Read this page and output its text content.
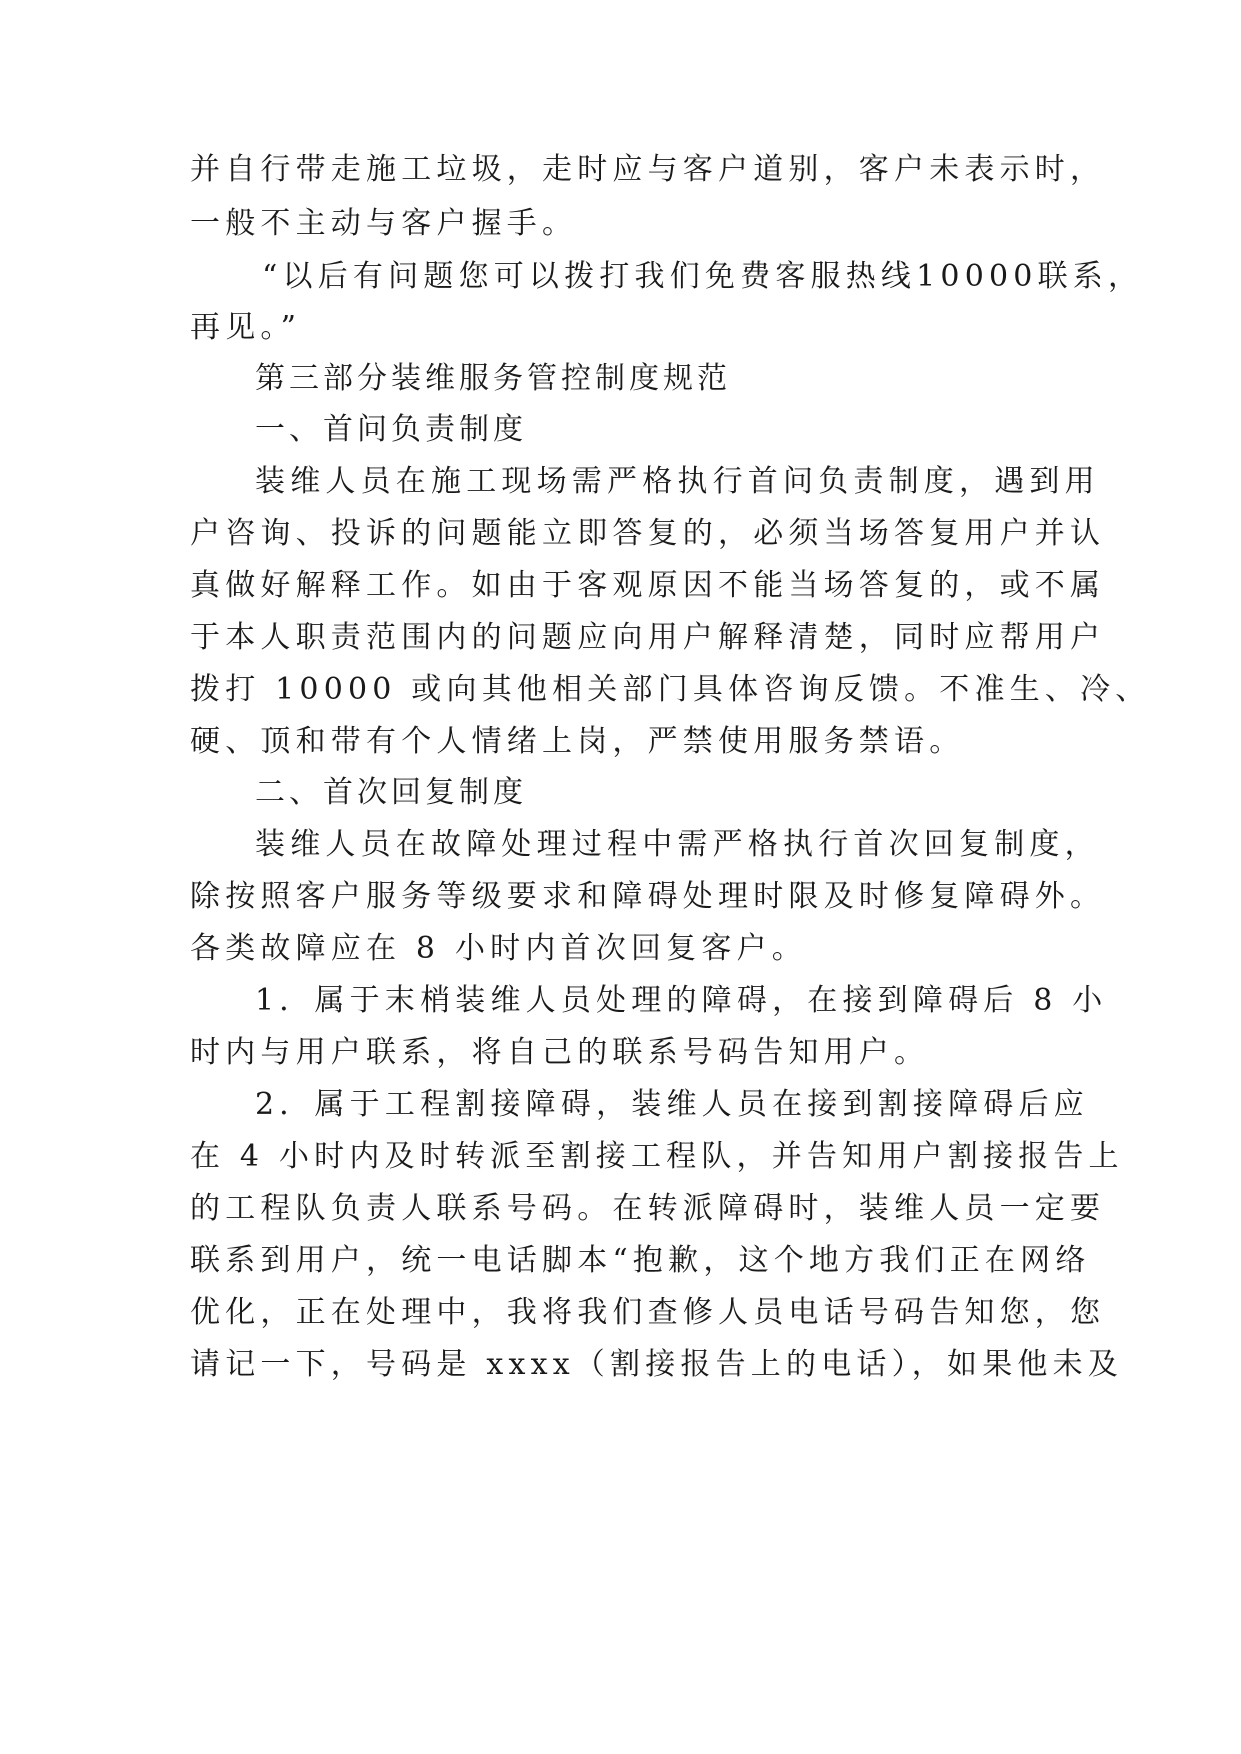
并自行带走施工垃圾，走时应与客户道别，客户未表示时，
一般不主动与客户握手。
“以后有问题您可以拨打我们免费客服热线10000联系，
再见。”
第三部分装维服务管控制度规范
一、首问负责制度
装维人员在施工现场需严格执行首问负责制度，遇到用
户咨询、投诉的问题能立即答复的，必须当场答复用户并认
真做好解释工作。如由于客观原因不能当场答复的，或不属
于本人职责范围内的问题应向用户解释清楚，同时应帮用户
拨打 10000 或向其他相关部门具体咨询反馈。不准生、冷、
硬、顶和带有个人情绪上岗，严禁使用服务禁语。
二、首次回复制度
装维人员在故障处理过程中需严格执行首次回复制度，
除按照客户服务等级要求和障碍处理时限及时修复障碍外。
各类故障应在 8 小时内首次回复客户。
1．属于末梢装维人员处理的障碍，在接到障碍后 8 小
时内与用户联系，将自己的联系号码告知用户。
2．属于工程割接障碍，装维人员在接到割接障碍后应
在 4 小时内及时转派至割接工程队，并告知用户割接报告上
的工程队负责人联系号码。在转派障碍时，装维人员一定要
联系到用户，统一电话脚本“抱歉，这个地方我们正在网络
优化，正在处理中，我将我们查修人员电话号码告知您，您
请记一下，号码是 xxxx（割接报告上的电话），如果他未及
